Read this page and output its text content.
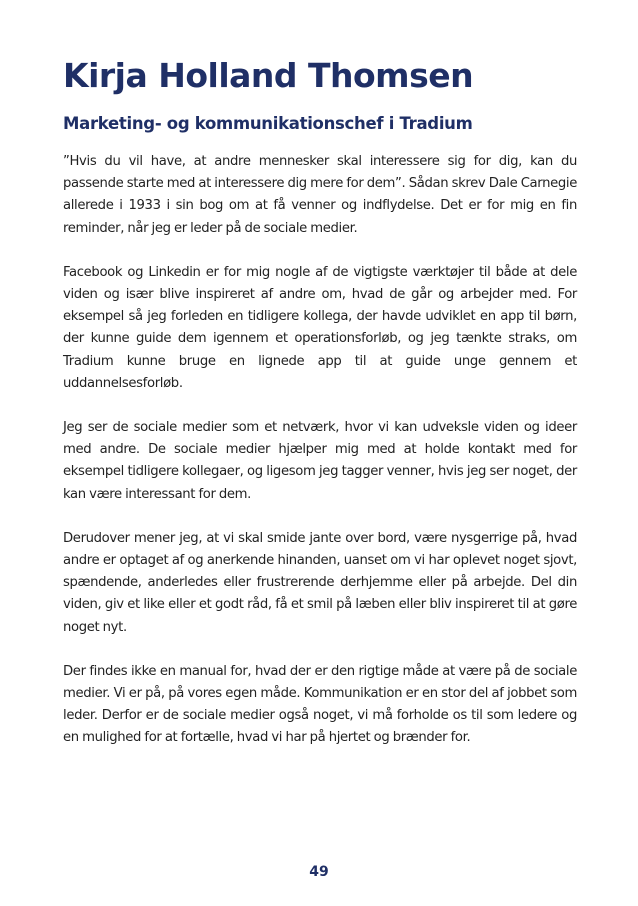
Kirja Holland Thomsen
Marketing- og kommunikationschef i Tradium

”Hvis du vil have, at andre mennesker skal interessere sig for dig, kan du passende starte med at interessere dig mere for dem”. Sådan skrev Dale Carnegie allerede i 1933 i sin bog om at få venner og indflydelse. Det er for mig en fin reminder, når jeg er leder på de sociale medier.

Facebook og Linkedin er for mig nogle af de vigtigste værktøjer til både at dele viden og især blive inspireret af andre om, hvad de går og arbejder med. For eksempel så jeg forleden en tidligere kollega, der havde udviklet en app til børn, der kunne guide dem igennem et operationsforløb, og jeg tænkte straks, om Tradium kunne bruge en lignede app til at guide unge gennem et uddannelsesforløb.

Jeg ser de sociale medier som et netværk, hvor vi kan udveksle viden og ideer med andre. De sociale medier hjælper mig med at holde kontakt med for eksempel tidligere kollegaer, og ligesom jeg tagger venner, hvis jeg ser noget, der kan være interessant for dem.

Derudover mener jeg, at vi skal smide jante over bord, være nysgerrige på, hvad andre er optaget af og anerkende hinanden, uanset om vi har oplevet noget sjovt, spændende, anderledes eller frustrerende derhjemme eller på arbejde. Del din viden, giv et like eller et godt råd, få et smil på læben eller bliv inspireret til at gøre noget nyt.

Der findes ikke en manual for, hvad der er den rigtige måde at være på de sociale medier. Vi er på, på vores egen måde. Kommunikation er en stor del af jobbet som leder. Derfor er de sociale medier også noget, vi må forholde os til som ledere og en mulighed for at fortælle, hvad vi har på hjertet og brænder for.

49
